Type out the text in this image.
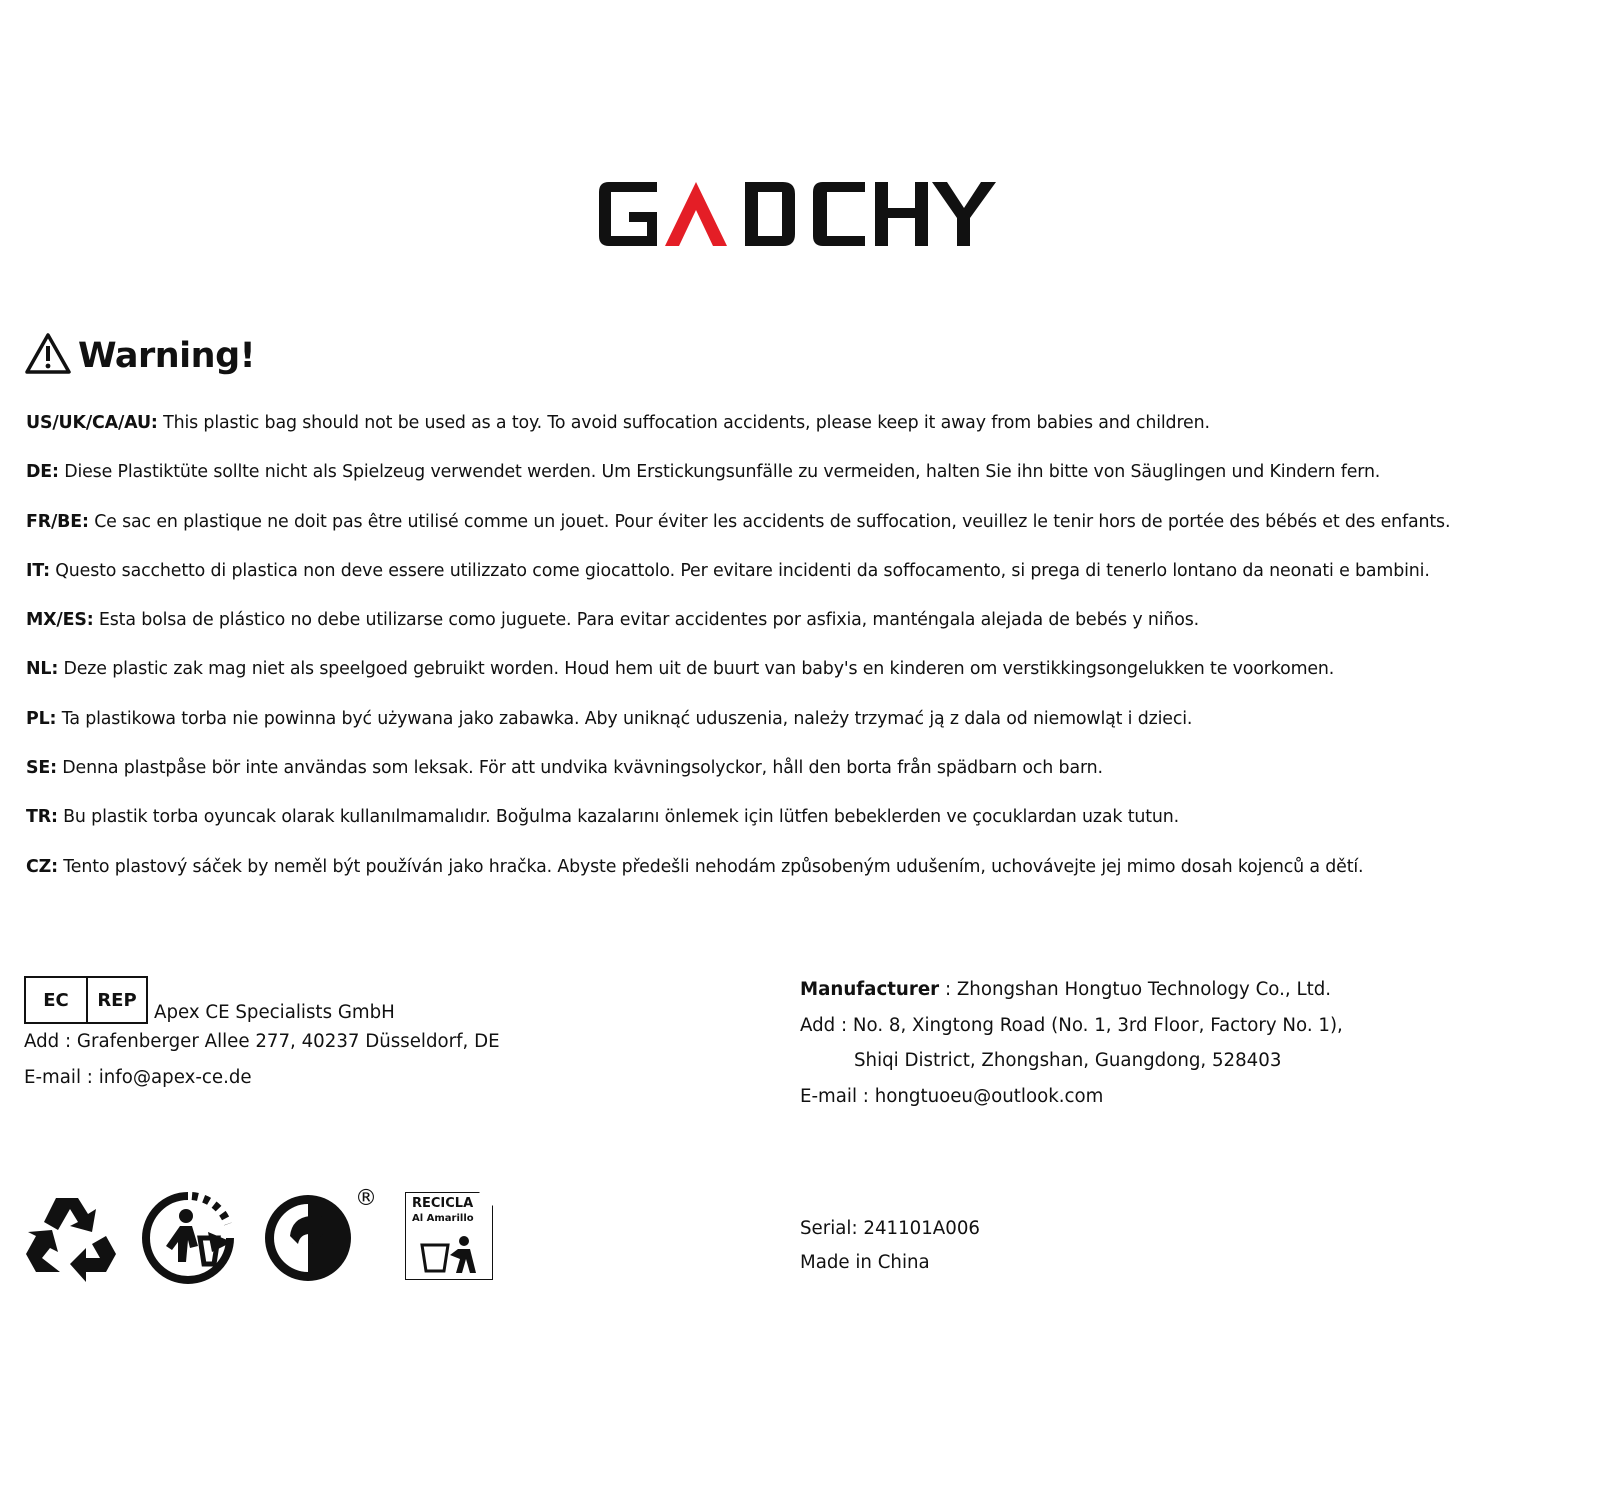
Warning!
US/UK/CA/AU: This plastic bag should not be used as a toy. To avoid suffocation accidents, please keep it away from babies and children.
DE: Diese Plastiktüte sollte nicht als Spielzeug verwendet werden. Um Erstickungsunfälle zu vermeiden, halten Sie ihn bitte von Säuglingen und Kindern fern.
FR/BE: Ce sac en plastique ne doit pas être utilisé comme un jouet. Pour éviter les accidents de suffocation, veuillez le tenir hors de portée des bébés et des enfants.
IT: Questo sacchetto di plastica non deve essere utilizzato come giocattolo. Per evitare incidenti da soffocamento, si prega di tenerlo lontano da neonati e bambini.
MX/ES: Esta bolsa de plástico no debe utilizarse como juguete. Para evitar accidentes por asfixia, manténgala alejada de bebés y niños.
NL: Deze plastic zak mag niet als speelgoed gebruikt worden. Houd hem uit de buurt van baby's en kinderen om verstikkingsongelukken te voorkomen.
PL: Ta plastikowa torba nie powinna być używana jako zabawka. Aby uniknąć uduszenia, należy trzymać ją z dala od niemowląt i dzieci.
SE: Denna plastpåse bör inte användas som leksak. För att undvika kvävningsolyckor, håll den borta från spädbarn och barn.
TR: Bu plastik torba oyuncak olarak kullanılmamalıdır. Boğulma kazalarını önlemek için lütfen bebeklerden ve çocuklardan uzak tutun.
CZ: Tento plastový sáček by neměl být používán jako hračka. Abyste předešli nehodám způsobeným udušením, uchovávejte jej mimo dosah kojenců a dětí.
EC	REP
Apex CE Specialists GmbH
Add : Grafenberger Allee 277, 40237 Düsseldorf, DE
E-mail : info@apex-ce.de
Manufacturer : Zhongshan Hongtuo Technology Co., Ltd.
Add : No. 8, Xingtong Road (No. 1, 3rd Floor, Factory No. 1),
Shiqi District, Zhongshan, Guangdong, 528403
E-mail : hongtuoeu@outlook.com
®	RECICLA
Al Amarillo	Serial: 241101A006
Made in China
